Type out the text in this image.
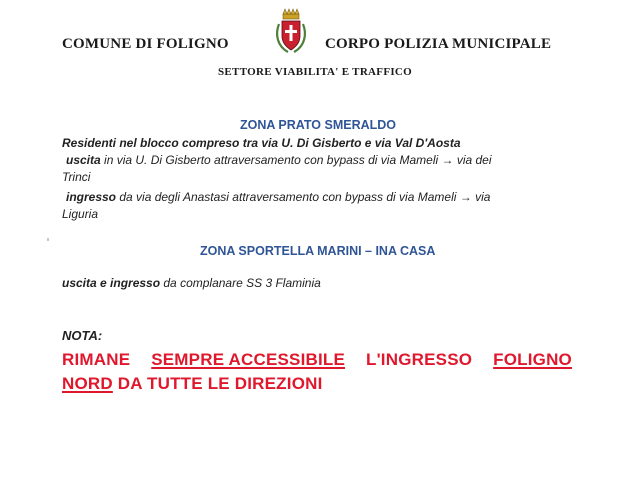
COMUNE DI FOLIGNO	CORPO POLIZIA MUNICIPALE
SETTORE VIABILITA' E TRAFFICO
ZONA PRATO SMERALDO
Residenti nel blocco compreso tra via U. Di Gisberto e via Val D'Aosta
uscita in via U. Di Gisberto attraversamento con bypass di via Mameli → via dei
Trinci
ingresso da via degli Anastasi attraversamento con bypass di via Mameli → via
Liguria
ZONA SPORTELLA MARINI – INA CASA
uscita e ingresso da complanare SS 3 Flaminia
NOTA:
RIMANE SEMPRE ACCESSIBILE L'INGRESSO FOLIGNO
NORD DA TUTTE LE DIREZIONI
